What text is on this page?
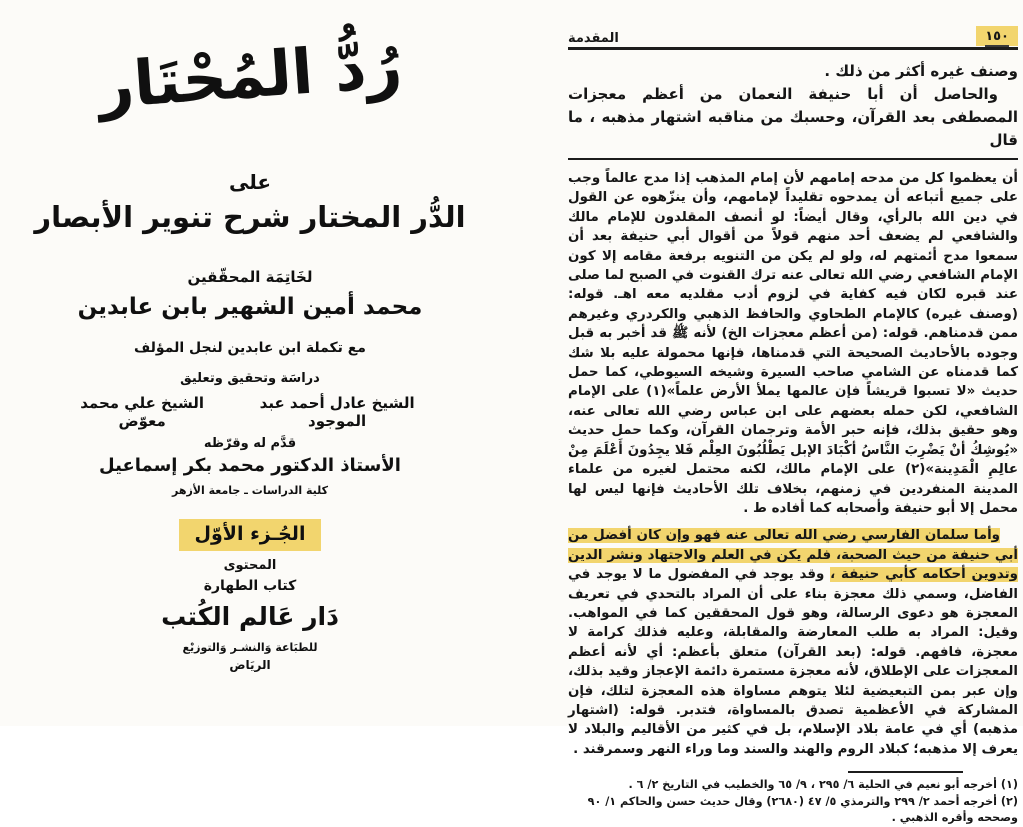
رُدُّ المُحْتَار
على
الدُّر المختار شرح تنوير الأبصار
لخَاتِمَة المحقّقين
محمد أمين الشهير بابن عابدين
مع تكملة ابن عابدين لنجل المؤلف
دراسَة وتحقيق وتعليق
الشيخ عادل أحمد عبد الموجود
الشيخ علي محمد معوّض
قدَّم له وقرّظه
الأستاذ الدكتور محمد بكر إسماعيل
كلية الدراسات ـ جامعة الأزهر
الجُـزء الأوّل
المحتوى
كتاب الطهارة
دَار عَالم الكُتب
للطبَاعة وَالنشـر وَالتوزيْع
الريَاض
المقدمة	١٥٠

وصنف غيره أكثر من ذلك .

والحاصل أن أبا حنيفة النعمان من أعظم معجزات المصطفى بعد القرآن، وحسبك من مناقبه اشتهار مذهبه ، ما قال

أن يعظموا كل من مدحه إمامهم لأن إمام المذهب إذا مدح عالماً وجب على جميع أتباعه أن يمدحوه تقليداً لإمامهم، وأن ينزّهوه عن القول في دين الله بالرأي، وقال أيضاً: لو أنصف المقلدون للإمام مالك والشافعي لم يضعف أحد منهم قولاً من أقوال أبي حنيفة بعد أن سمعوا مدح أئمتهم له، ولو لم يكن من التنويه برفعة مقامه إلا كون الإمام الشافعي رضي الله تعالى عنه ترك القنوت في الصبح لما صلى عند قبره لكان فيه كفاية في لزوم أدب مقلديه معه اهـ. قوله: (وصنف غيره) كالإمام الطحاوي والحافظ الذهبي والكردري وغيرهم ممن قدمناهم. قوله: (من أعظم معجزات الخ) لأنه ﷺ قد أخبر به قبل وجوده بالأحاديث الصحيحة التي قدمناها، فإنها محمولة عليه بلا شك كما قدمناه عن الشامي صاحب السيرة وشيخه السيوطي، كما حمل حديث «لا تسبوا قريشاً فإن عالمها يملأ الأرض علماً»(١) على الإمام الشافعي، لكن حمله بعضهم على ابن عباس رضي الله تعالى عنه، وهو حقيق بذلك، فإنه حبر الأمة وترجمان القرآن، وكما حمل حديث «يُوشِكُ أنْ يَضْرِبَ النَّاسُ أكْبَادَ الإبل يَطْلُبُونَ العِلْم فَلا يجِدُونَ أَعْلَمَ مِنْ عالِمِ الْمَدِينة»(٢) على الإمام مالك، لكنه محتمل لغيره من علماء المدينة المنفردين في زمنهم، بخلاف تلك الأحاديث فإنها ليس لها محمل إلا أبو حنيفة وأصحابه كما أفاده ط .

وأما سلمان الفارسي رضي الله تعالى عنه فهو وإن كان أفضل من أبي حنيفة من حيث الصحبة، فلم يكن في العلم والاجتهاد ونشر الدين وتدوين أحكامه كأبي حنيفة ، وقد يوجد في المفضول ما لا يوجد في الفاضل، وسمي ذلك معجزة بناء على أن المراد بالتحدي في تعريف المعجزة هو دعوى الرسالة، وهو قول المحققين كما في المواهب. وقيل: المراد به طلب المعارضة والمقابلة، وعليه فذلك كرامة لا معجزة، فافهم. قوله: (بعد القرآن) متعلق بأعظم: أي لأنه أعظم المعجزات على الإطلاق، لأنه معجزة مستمرة دائمة الإعجاز وقيد بذلك، وإن عبر بمن التبعيضية لئلا يتوهم مساواة هذه المعجزة لتلك، فإن المشاركة في الأعظمية تصدق بالمساواة، فتدبر. قوله: (اشتهار مذهبه) أي في عامة بلاد الإسلام، بل في كثير من الأقاليم والبلاد لا يعرف إلا مذهبه؛ كبلاد الروم والهند والسند وما وراء النهر وسمرقند .

(١) أخرجه أبو نعيم في الحلية ٦/ ٢٩٥ ، ٩/ ٦٥ والخطيب في التاريخ ٢/ ٦ .

(٢) أخرجه أحمد ٢/ ٢٩٩ والترمذي ٥/ ٤٧ (٢٦٨٠) وقال حديث حسن والحاكم ١/ ٩٠ وصححه وأقره الذهبي .
